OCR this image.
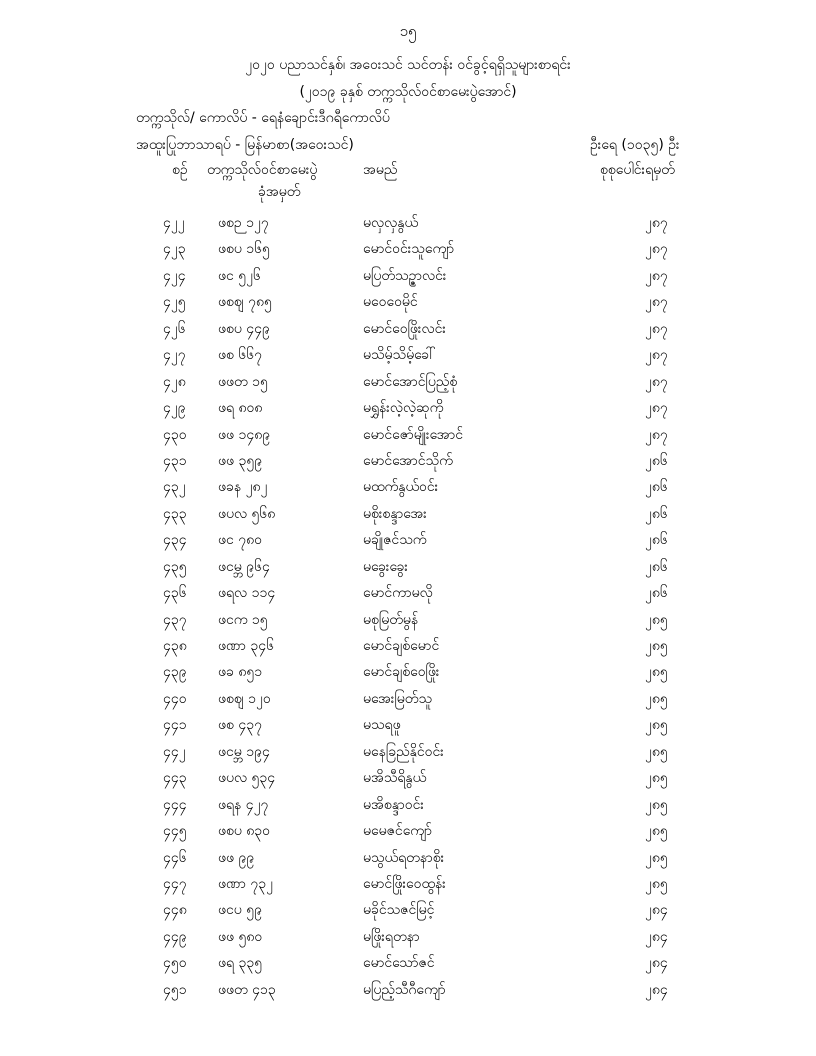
၁၅
၂၀၂၀ ပညာသင်နှစ်၊ အဝေးသင် သင်တန်း ဝင်ခွင့်ရရှိသူများစာရင်း
(၂၀၁၉ ခုနှစ် တက္ကသိုလ်ဝင်စာမေးပွဲအောင်)
တက္ကသိုလ်/ ကောလိပ် - ရေနံချောင်းဒီဂရီကောလိပ်
အထူးပြုဘာသာရပ် - မြန်မာစာ(အဝေးသင်)	ဦးရေ (၁၀၃၅) ဦး
စဉ် တက္ကသိုလ်ဝင်စာမေးပွဲ
ခုံအမှတ်
အမည်	စုစုပေါင်းရမှတ်
၄၂၂ ဖစဉ ၁၂၇	မလှလှနွယ်	၂၈၇
၄၂၃ ဖစပ ၁၆၅	မောင်ဝင်းသူကျော်	၂၈၇
၄၂၄ ဖင ၅၂၆	မပြတ်သဉ္ဇာလင်း	၂၈၇
၄၂၅ ဖစဈ ၇၈၅	မဝေဝေမိုင်	၂၈၇
၄၂၆ ဖစပ ၄၄၉	မောင်ဝေဖြိုးလင်း	၂၈၇
၄၂၇ ဖစ ၆၆၇	မသိမ့်သိမ့်ခေါ်	၂၈၇
၄၂၈ ဖဖတ ၁၅	မောင်အောင်ပြည့်စုံ	၂၈၇
၄၂၉ ဖရ ၈၀၈	မရွှန်းလဲ့လဲ့ဆုကို	၂၈၇
၄၃၀ ဖဖ ၁၄၈၉	မောင်ဇော်မျိုးအောင်	၂၈၇
၄၃၁ ဖဖ ၃၅၉	မောင်အောင်သိုက်	၂၈၆
၄၃၂ ဖခန ၂၈၂	မထက်နွယ်ဝင်း	၂၈၆
၄၃၃ ဖပလ ၅၆၈	မစိုးစန္ဒာအေး	၂၈၆
၄၃၄ ဖင ၇၈၀	မချိုဇင်သက်	၂၈၆
၄၃၅ ဖငမ္ဘ ၉၆၄	မခွေးခွေး	၂၈၆
၄၃၆ ဖရလ ၁၁၄	မောင်ကာမလို	၂၈၆
၄၃၇ ဖငက ၁၅	မစုမြတ်မွန်	၂၈၅
၄၃၈ ဖဏာ ၃၄၆	မောင်ချစ်မောင်	၂၈၅
၄၃၉ ဖခ ၈၅၁	မောင်ချစ်ဝေဖြိုး	၂၈၅
၄၄၀ ဖစဈ ၁၂၀	မအေးမြတ်သူ	၂၈၅
၄၄၁ ဖစ ၄၃၇	မသရဖူ	၂၈၅
၄၄၂ ဖငမ္ဘ ၁၉၄	မနေခြည်နိုင်ဝင်း	၂၈၅
၄၄၃ ဖပလ ၅၃၄	မအိသီရိနွယ်	၂၈၅
၄၄၄ ဖရန ၄၂၇	မအိစန္ဒာဝင်း	၂၈၅
၄၄၅ ဖစပ ၈၃၀	မမေဇင်ကျော်	၂၈၅
၄၄၆ ဖဖ ၉၉	မသွယ်ရတနာစိုး	၂၈၅
၄၄၇ ဖဏာ ၇၃၂	မောင်ဖြိုးဝေထွန်း	၂၈၅
၄၄၈ ဖငပ ၅၉	မခိုင်သဇင်မြင့်	၂၈၄
၄၄၉ ဖဖ ၅၈၀	မဖြိုးရတနာ	၂၈၄
၄၅၀ ဖရ ၃၃၅	မောင်သော်ဇင်	၂၈၄
၄၅၁ ဖဖတ ၄၁၃	မပြည့်သီဂီကျော်	၂၈၄
